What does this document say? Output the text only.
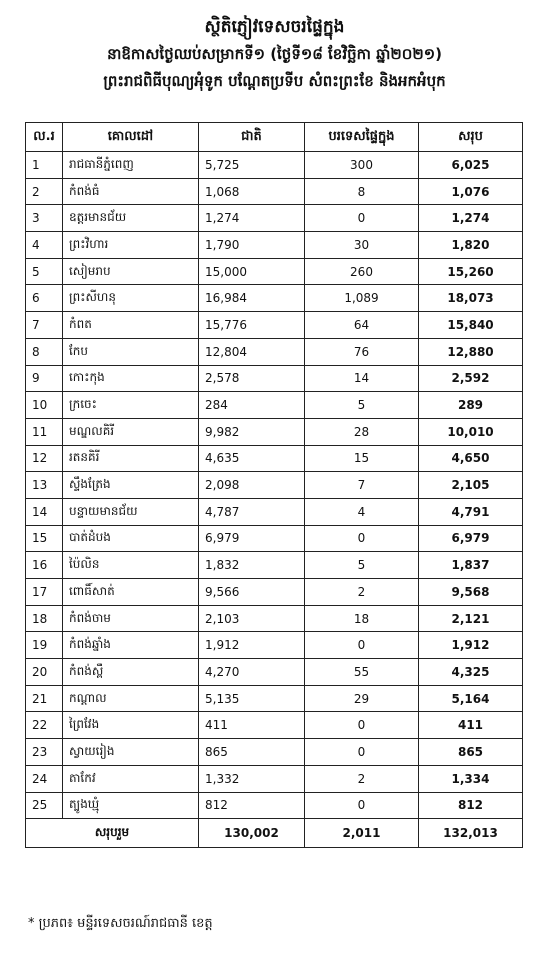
ស្ថិតិភ្ញៀវទេសចរផ្ទៃក្នុង
នាឱកាសថ្ងៃឈប់សម្រាកទី១ (ថ្ងៃទី១៨ ខែវិច្ឆិកា ឆ្នាំ២០២១)
ព្រះរាជពិធីបុណ្យអុំទូក បណ្តែតប្រទីប សំពះព្រះខែ និងអកអំបុក
ល.រ	គោលដៅ	ជាតិ	បរទេសផ្ទៃក្នុង	សរុប
1	រាជធានីភ្នំពេញ	5,725	300	6,025
2	កំពង់ធំ	1,068	8	1,076
3	ឧត្តរមានជ័យ	1,274	0	1,274
4	ព្រះវិហារ	1,790	30	1,820
5	សៀមរាប	15,000	260	15,260
6	ព្រះសីហនុ	16,984	1,089	18,073
7	កំពត	15,776	64	15,840
8	កែប	12,804	76	12,880
9	កោះកុង	2,578	14	2,592
10	ក្រចេះ	284	5	289
11	មណ្ឌលគិរី	9,982	28	10,010
12	រតនគិរី	4,635	15	4,650
13	ស្ទឹងត្រែង	2,098	7	2,105
14	បន្ទាយមានជ័យ	4,787	4	4,791
15	បាត់ដំបង	6,979	0	6,979
16	ប៉ៃលិន	1,832	5	1,837
17	ពោធិ៍សាត់	9,566	2	9,568
18	កំពង់ចាម	2,103	18	2,121
19	កំពង់ឆ្នាំង	1,912	0	1,912
20	កំពង់ស្ពឺ	4,270	55	4,325
21	កណ្តាល	5,135	29	5,164
22	ព្រៃវែង	411	0	411
23	ស្វាយរៀង	865	0	865
24	តាកែវ	1,332	2	1,334
25	ត្បូងឃ្មុំ	812	0	812
សរុបរួម		130,002	2,011	132,013
* ប្រភព៖ មន្ទីរទេសចរណ៍រាជធានី ខេត្ត
